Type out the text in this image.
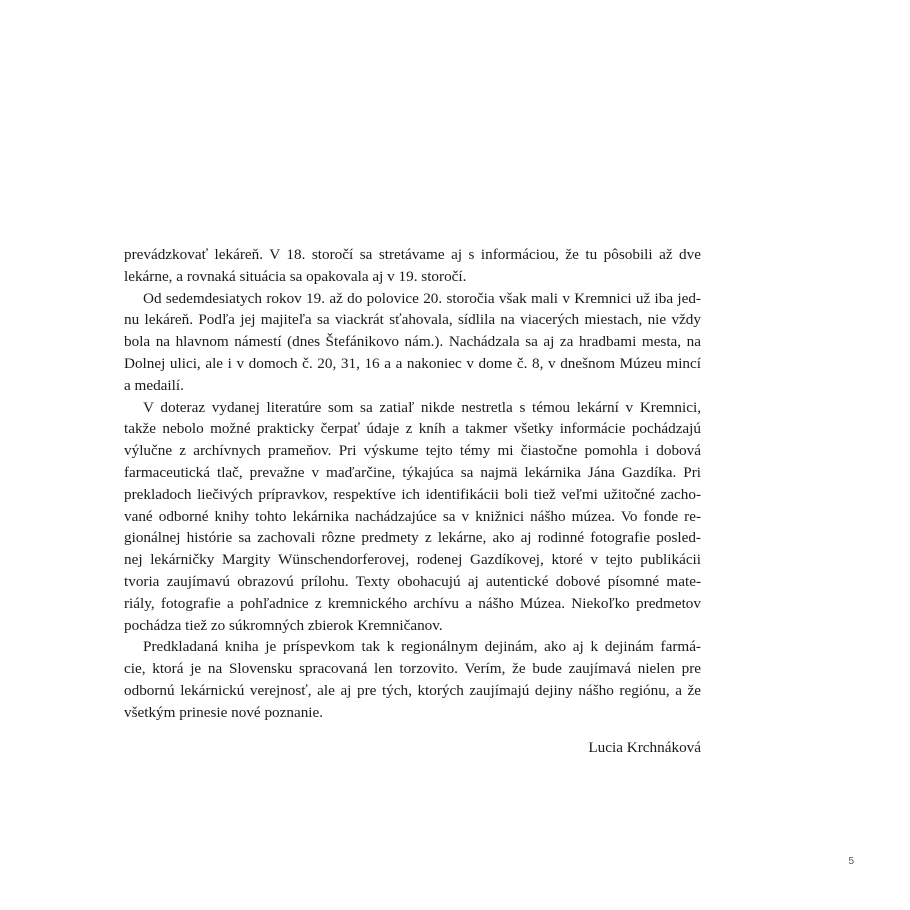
prevádzkovať lekáreň. V 18. storočí sa stretávame aj s informáciou, že tu pôsobili až dve
lekárne, a rovnaká situácia sa opakovala aj v 19. storočí.
Od sedemdesiatych rokov 19. až do polovice 20. storočia však mali v Kremnici už iba jed-
nu lekáreň. Podľa jej majiteľa sa viackrát sťahovala, sídlila na viacerých miestach, nie vždy
bola na hlavnom námestí (dnes Štefánikovo nám.). Nachádzala sa aj za hradbami mesta, na
Dolnej ulici, ale i v domoch č. 20, 31, 16 a a nakoniec v dome č. 8, v dnešnom Múzeu mincí
a medailí.
V doteraz vydanej literatúre som sa zatiaľ nikde nestretla s témou lekární v Kremnici,
takže nebolo možné prakticky čerpať údaje z kníh a takmer všetky informácie pochádzajú
výlučne z archívnych prameňov. Pri výskume tejto témy mi čiastočne pomohla i dobová
farmaceutická tlač, prevažne v maďarčine, týkajúca sa najmä lekárnika Jána Gazdíka. Pri
prekladoch liečivých prípravkov, respektíve ich identifikácii boli tiež veľmi užitočné zacho-
vané odborné knihy tohto lekárnika nachádzajúce sa v knižnici nášho múzea. Vo fonde re-
gionálnej histórie sa zachovali rôzne predmety z lekárne, ako aj rodinné fotografie posled-
nej lekárničky Margity Wünschendorferovej, rodenej Gazdíkovej, ktoré v tejto publikácii
tvoria zaujímavú obrazovú prílohu. Texty obohacujú aj autentické dobové písomné mate-
riály, fotografie a pohľadnice z kremnického archívu a nášho Múzea. Niekoľko predmetov
pochádza tiež zo súkromných zbierok Kremničanov.
Predkladaná kniha je príspevkom tak k regionálnym dejinám, ako aj k dejinám farmá-
cie, ktorá je na Slovensku spracovaná len torzovito. Verím, že bude zaujímavá nielen pre
odbornú lekárnickú verejnosť, ale aj pre tých, ktorých zaujímajú dejiny nášho regiónu, a že
všetkým prinesie nové poznanie.
Lucia Krchnáková
5
